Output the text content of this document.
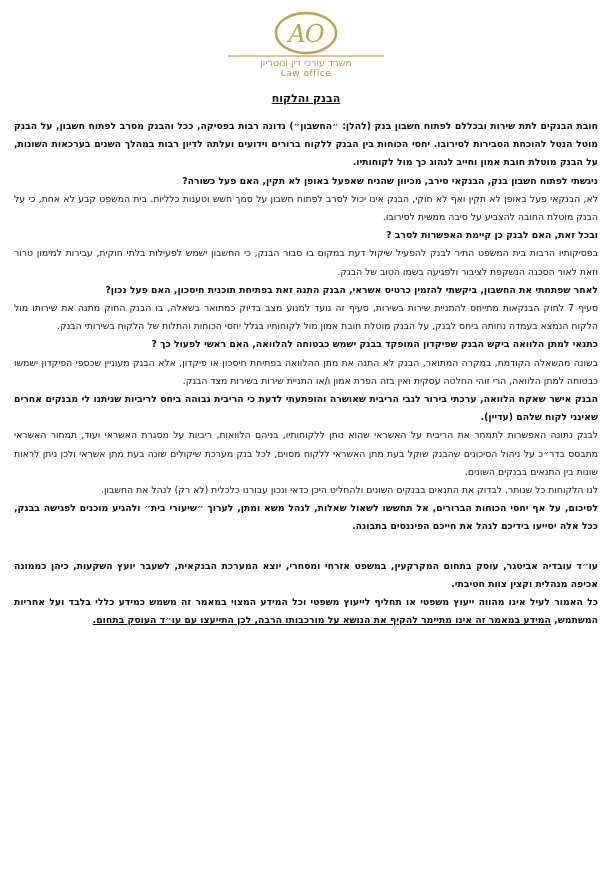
AO
משרד עורכי דין ונוטריון
Law office
הבנק והלקוח

חובת הבנקים לתת שירות ובכללם לפתוח חשבון בנק (להלן: ״החשבון״) נדונה רבות בפסיקה, ככל והבנק מסרב לפתוח חשבון, על הבנק מוטל הנטל להוכחת הסבירות לסירובו. יחסי הכוחות בין הבנק ללקוח ברורים וידועים ועלתה לדיון רבות במהלך השנים בערכאות השונות, על הבנק מוטלת חובת אמון וחייב לנהוג כך מול לקוחותיו.

ניגשתי לפתוח חשבון בנק, הבנקאי סירב, מכיוון שהניח שאפעל באופן לא תקין, האם פעל כשורה?

לא, הבנקאי פעל באופן לא תקין ואף לא חוקי, הבנק אינו יכול לסרב לפתוח חשבון על סמך חשש וטענות כלליות. בית המשפט קבע לא אחת, כי על הבנק מוטלת החובה להצביע על סיבה ממשית לסירובו.

ובכל זאת, האם לבנק כן קיימת האפשרות לסרב ?

בפסיקותיו הרבות בית המשפט התיר לבנק להפעיל שיקול דעת במקום בו סבור הבנק, כי החשבון ישמש לפעילות בלתי חוקית, עבירות למימון טרור וזאת לאור הסכנה הנשקפת לציבור ולפגיעה בשמו הטוב של הבנק.

לאחר שפתחתי את החשבון, ביקשתי להזמין כרטיס אשראי, הבנק התנה זאת בפתיחת תוכנית חיסכון, האם פעל נכון?

סעיף 7 לחוק הבנקאות מתייחס להתניית שירות בשירות, סעיף זה נועד למנוע מצב בדיוק כמתואר בשאלה, בו הבנק החוק מתנה את שירותו מול הלקוח הנמצא בעמדה נחותה ביחס לבנק, על הבנק מוטלת חובת אמון מול לקוחותיו בגלל יחסי הכוחות והתלות של הלקוח בשירותי הבנק.

כתנאי למתן הלוואה ביקש הבנק שפיקדון המופקד בבנק ישמש כבטוחה להלוואה, האם ראשי לפעול כך ?

בשונה מהשאלה הקודמת, במקרה המתואר, הבנק לא התנה את מתן ההלוואה בפתיחת חיסכון או פיקדון, אלא הבנק מעוניין שכספי הפיקדון ישמשו כבטוחה למתן הלוואה, הרי זוהי החלטה עסקית ואין בזה הפרת אמון ו/או התניית שירות בשירות מצד הבנק.

הבנק אישר שאקח הלוואה, ערכתי בירור לגבי הריבית שאושרה והופתעתי לדעת כי הריבית גבוהה ביחס לריביות שניתנו לי מבנקים אחרים שאינני לקוח שלהם (עדיין).

לבנק נתונה האפשרות לתמחר את הריבית על האשראי שהוא נותן ללקוחותיו, בניהם הלוואות, ריביות על מסגרת האשראי ועוד, תמחור האשראי מתבסס בדר״כ על ניהול הסיכונים שהבנק שוקל בעת מתן האשראי ללקוח מסוים, לכל בנק מערכת שיקולים שונה בעת מתן אשראי ולכן ניתן לראות שונות בין התנאים בבנקים השונים.

לנו הלקוחות כל שנותר, לבדוק את התנאים בבנקים השונים ולהחליט היכן כדאי ונכון עבורנו כלכלית (לא רק) לנהל את החשבון.

לסיכום, על אף יחסי הכוחות הברורים, אל תחששו לשאול שאלות, לנהל משא ומתן, לערוך ״שיעורי בית״ ולהגיע מוכנים לפגישה בבנק, ככל אלה יסייעו בידיכם לנהל את חייכם הפיננסים בתבונה.

עו״ד עובדיה אביטגר, עוסק בתחום המקרקעין, במשפט אזרחי ומסחרי, יוצא המערכת הבנקאית, לשעבר יועץ השקעות, כיהן כממונה אכיפה מנהלית וקצין צוות חטיבתי.

כל האמור לעיל אינו מהווה ייעוץ משפטי או תחליף לייעוץ משפטי וכל המידע המצוי במאמר זה משמש כמידע כללי בלבד ועל אחריות המשתמש, המידע במאמר זה אינו מתיימר להקיף את הנושא על מורכבותו הרבה, לכן התייעצו עם עו״ד העוסק בתחום.
